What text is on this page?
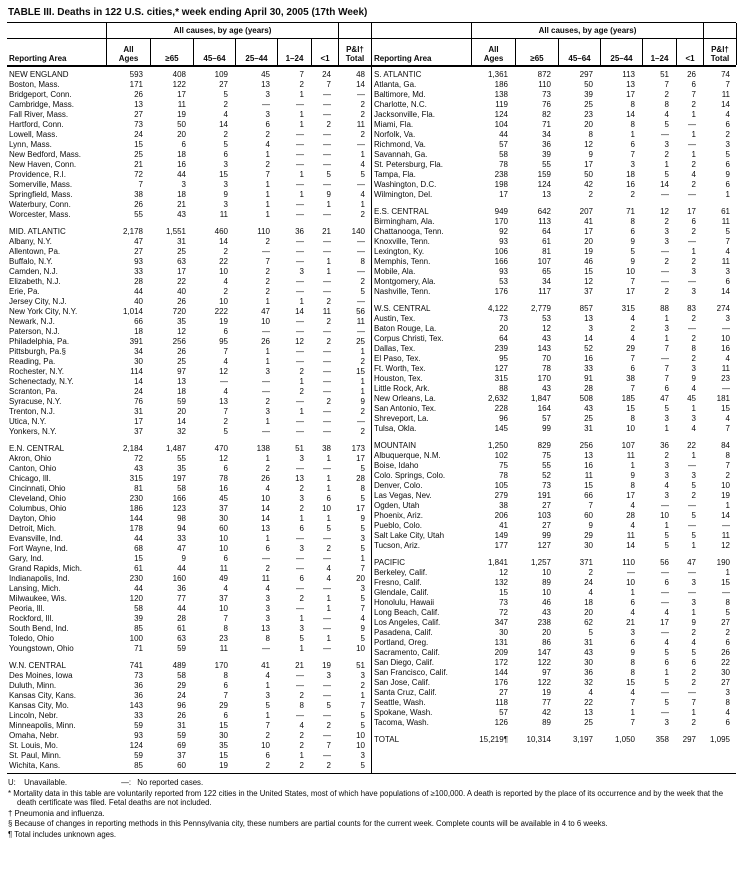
TABLE III. Deaths in 122 U.S. cities,* week ending April 30, 2005 (17th Week)
All causes, by age (years)
Reporting Area
All
Ages	≥65	45–64	25–44	1–24	<1
P&I†
Total
All causes, by age (years)
Reporting Area
All
Ages	≥65	45–64	25–44	1–24	<1
P&I†
Total
NEW ENGLAND	593	408	109	45	7	24	48
Boston, Mass.	171	122	27	13	2	7	14
Bridgeport, Conn.	26	17	5	3	1	—	—
Cambridge, Mass.	13	11	2	—	—	—	2
Fall River, Mass.	27	19	4	3	1	—	2
Hartford, Conn.	73	50	14	6	1	2	11
Lowell, Mass.	24	20	2	2	—	—	2
Lynn, Mass.	15	6	5	4	—	—	—
New Bedford, Mass.	25	18	6	1	—	—	1
New Haven, Conn.	21	16	3	2	—	—	4
Providence, R.I.	72	44	15	7	1	5	5
Somerville, Mass.	7	3	3	1	—	—	—
Springfield, Mass.	38	18	9	1	1	9	4
Waterbury, Conn.	26	21	3	1	—	1	1
Worcester, Mass.	55	43	11	1	—	—	2
MID. ATLANTIC	2,178	1,551	460	110	36	21	140
Albany, N.Y.	47	31	14	2	—	—	—
Allentown, Pa.	27	25	2	—	—	—	—
Buffalo, N.Y.	93	63	22	7	—	1	8
Camden, N.J.	33	17	10	2	3	1	—
Elizabeth, N.J.	28	22	4	2	—	—	2
Erie, Pa.	44	40	2	2	—	—	5
Jersey City, N.J.	40	26	10	1	1	2	—
New York City, N.Y.	1,014	720	222	47	14	11	56
Newark, N.J.	66	35	19	10	—	2	11
Paterson, N.J.	18	12	6	—	—	—	—
Philadelphia, Pa.	391	256	95	26	12	2	25
Pittsburgh, Pa.§	34	26	7	1	—	—	1
Reading, Pa.	30	25	4	1	—	—	2
Rochester, N.Y.	114	97	12	3	2	—	15
Schenectady, N.Y.	14	13	—	—	1	—	1
Scranton, Pa.	24	18	4	—	2	—	1
Syracuse, N.Y.	76	59	13	2	—	2	9
Trenton, N.J.	31	20	7	3	1	—	2
Utica, N.Y.	17	14	2	1	—	—	—
Yonkers, N.Y.	37	32	5	—	—	—	2
E.N. CENTRAL	2,184	1,487	470	138	51	38	173
Akron, Ohio	72	55	12	1	3	1	17
Canton, Ohio	43	35	6	2	—	—	5
Chicago, Ill.	315	197	78	26	13	1	28
Cincinnati, Ohio	81	58	16	4	2	1	8
Cleveland, Ohio	230	166	45	10	3	6	5
Columbus, Ohio	186	123	37	14	2	10	17
Dayton, Ohio	144	98	30	14	1	1	9
Detroit, Mich.	178	94	60	13	6	5	5
Evansville, Ind.	44	33	10	1	—	—	3
Fort Wayne, Ind.	68	47	10	6	3	2	5
Gary, Ind.	15	9	6	—	—	—	1
Grand Rapids, Mich.	61	44	11	2	—	4	7
Indianapolis, Ind.	230	160	49	11	6	4	20
Lansing, Mich.	44	36	4	4	—	—	3
Milwaukee, Wis.	120	77	37	3	2	1	5
Peoria, Ill.	58	44	10	3	—	1	7
Rockford, Ill.	39	28	7	3	1	—	4
South Bend, Ind.	85	61	8	13	3	—	9
Toledo, Ohio	100	63	23	8	5	1	5
Youngstown, Ohio	71	59	11	—	1	—	10
W.N. CENTRAL	741	489	170	41	21	19	51
Des Moines, Iowa	73	58	8	4	—	3	3
Duluth, Minn.	36	29	6	1	—	—	2
Kansas City, Kans.	36	24	7	3	2	—	1
Kansas City, Mo.	143	96	29	5	8	5	7
Lincoln, Nebr.	33	26	6	1	—	—	5
Minneapolis, Minn.	59	31	15	7	4	2	5
Omaha, Nebr.	93	59	30	2	2	—	10
St. Louis, Mo.	124	69	35	10	2	7	10
St. Paul, Minn.	59	37	15	6	1	—	3
Wichita, Kans.	85	60	19	2	2	2	5
S. ATLANTIC	1,361	872	297	113	51	26	74
Atlanta, Ga.	186	110	50	13	7	6	7
Baltimore, Md.	138	73	39	17	2	7	11
Charlotte, N.C.	119	76	25	8	8	2	14
Jacksonville, Fla.	124	82	23	14	4	1	4
Miami, Fla.	104	71	20	8	5	—	6
Norfolk, Va.	44	34	8	1	—	1	2
Richmond, Va.	57	36	12	6	3	—	3
Savannah, Ga.	58	39	9	7	2	1	5
St. Petersburg, Fla.	78	55	17	3	1	2	6
Tampa, Fla.	238	159	50	18	5	4	9
Washington, D.C.	198	124	42	16	14	2	6
Wilmington, Del.	17	13	2	2	—	—	1
E.S. CENTRAL	949	642	207	71	12	17	61
Birmingham, Ala.	170	113	41	8	2	6	11
Chattanooga, Tenn.	92	64	17	6	3	2	5
Knoxville, Tenn.	93	61	20	9	3	—	7
Lexington, Ky.	106	81	19	5	—	1	4
Memphis, Tenn.	166	107	46	9	2	2	11
Mobile, Ala.	93	65	15	10	—	3	3
Montgomery, Ala.	53	34	12	7	—	—	6
Nashville, Tenn.	176	117	37	17	2	3	14
W.S. CENTRAL	4,122	2,779	857	315	88	83	274
Austin, Tex.	73	53	13	4	1	2	3
Baton Rouge, La.	20	12	3	2	3	—	—
Corpus Christi, Tex.	64	43	14	4	1	2	10
Dallas, Tex.	239	143	52	29	7	8	16
El Paso, Tex.	95	70	16	7	—	2	4
Ft. Worth, Tex.	127	78	33	6	7	3	11
Houston, Tex.	315	170	91	38	7	9	23
Little Rock, Ark.	88	43	28	7	6	4	—
New Orleans, La.	2,632	1,847	508	185	47	45	181
San Antonio, Tex.	228	164	43	15	5	1	15
Shreveport, La.	96	57	25	8	3	3	4
Tulsa, Okla.	145	99	31	10	1	4	7
MOUNTAIN	1,250	829	256	107	36	22	84
Albuquerque, N.M.	102	75	13	11	2	1	8
Boise, Idaho	75	55	16	1	3	—	7
Colo. Springs, Colo.	78	52	11	9	3	3	2
Denver, Colo.	105	73	15	8	4	5	10
Las Vegas, Nev.	279	191	66	17	3	2	19
Ogden, Utah	38	27	7	4	—	—	1
Phoenix, Ariz.	206	103	60	28	10	5	14
Pueblo, Colo.	41	27	9	4	1	—	—
Salt Lake City, Utah	149	99	29	11	5	5	11
Tucson, Ariz.	177	127	30	14	5	1	12
PACIFIC	1,841	1,257	371	110	56	47	190
Berkeley, Calif.	12	10	2	—	—	—	1
Fresno, Calif.	132	89	24	10	6	3	15
Glendale, Calif.	15	10	4	1	—	—	—
Honolulu, Hawaii	73	46	18	6	—	3	8
Long Beach, Calif.	72	43	20	4	4	1	5
Los Angeles, Calif.	347	238	62	21	17	9	27
Pasadena, Calif.	30	20	5	3	—	2	2
Portland, Oreg.	131	86	31	6	4	4	6
Sacramento, Calif.	209	147	43	9	5	5	26
San Diego, Calif.	172	122	30	8	6	6	22
San Francisco, Calif.	144	97	36	8	1	2	30
San Jose, Calif.	176	122	32	15	5	2	27
Santa Cruz, Calif.	27	19	4	4	—	—	3
Seattle, Wash.	118	77	22	7	5	7	8
Spokane, Wash.	57	42	13	1	—	1	4
Tacoma, Wash.	126	89	25	7	3	2	6
TOTAL	15,219¶	10,314	3,197	1,050	358	297	1,095
U: Unavailable.	—: No reported cases.
* Mortality data in this table are voluntarily reported from 122 cities in the United States, most of which have populations of ≥100,000. A death is reported by the place of its occurrence and by the week that the death certificate was filed. Fetal deaths are not included.
† Pneumonia and influenza.
§ Because of changes in reporting methods in this Pennsylvania city, these numbers are partial counts for the current week. Complete counts will be available in 4 to 6 weeks.
¶ Total includes unknown ages.
